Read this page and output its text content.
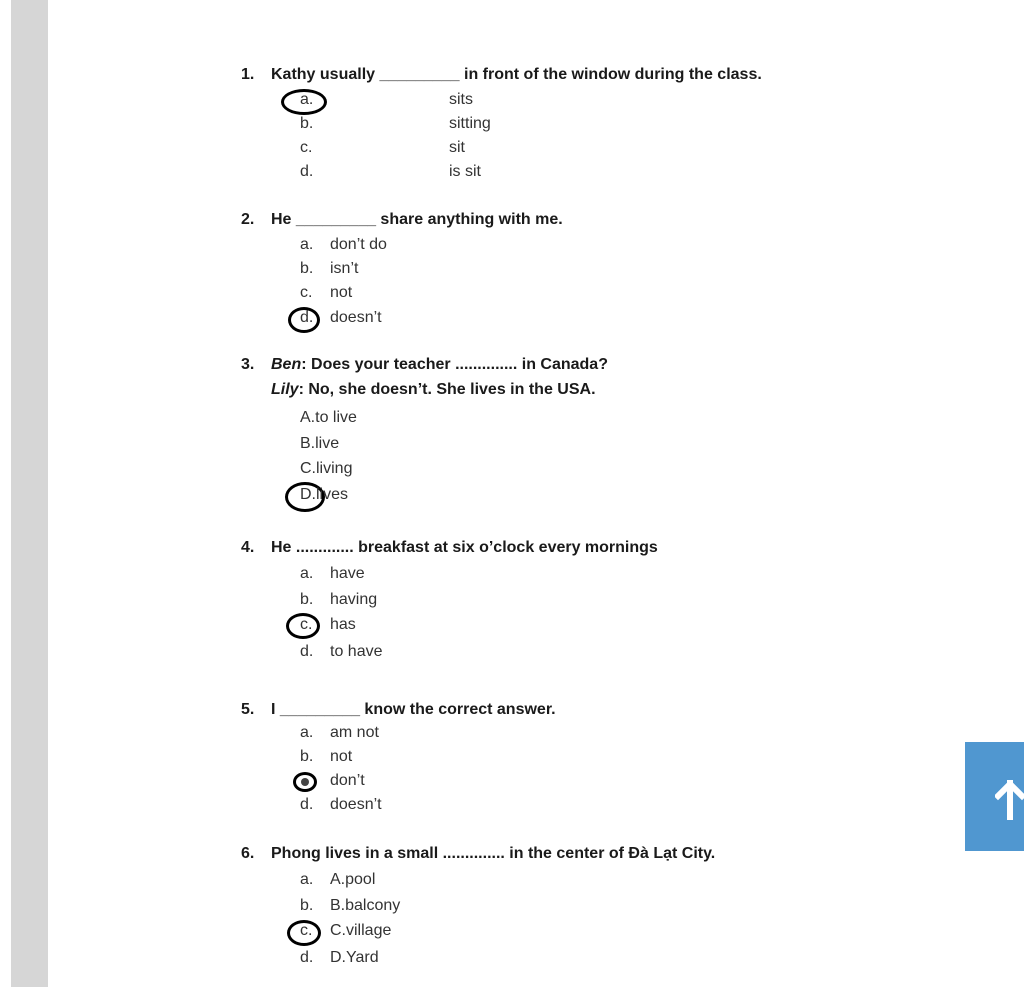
1. Kathy usually _________ in front of the window during the class.
a.	sits
b.	sitting
c.	sit
d.	is sit
2. He _________ share anything with me.
a. don’t do
b. isn’t
c. not
d. doesn’t
3. Ben: Does your teacher .............. in Canada?
Lily: No, she doesn’t. She lives in the USA.
A.to live
B.live
C.living
D.lives
4. He ............. breakfast at six o’clock every mornings
a. have
b. having
c. has
d. to have
5. I _________ know the correct answer.
a. am not
b. not
don’t
d. doesn’t
6. Phong lives in a small .............. in the center of Đà Lạt City.
a. A.pool
b. B.balcony
c. C.village
d. D.Yard
